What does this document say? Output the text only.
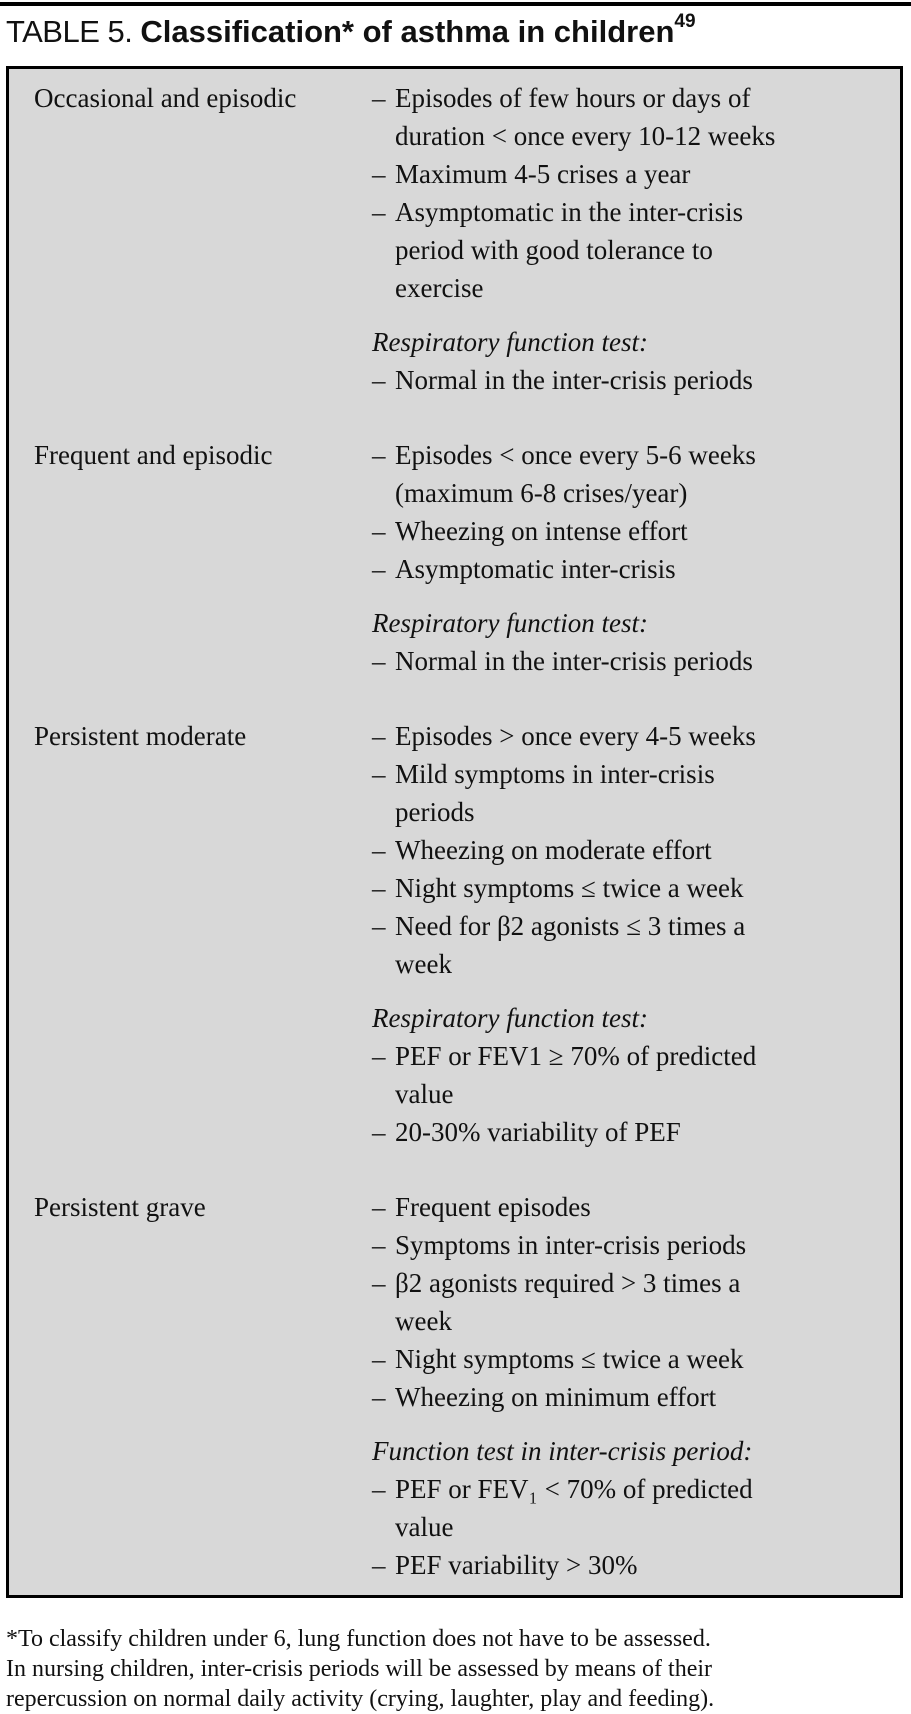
TABLE 5. Classification* of asthma in children$^{49}$
Occasional and episodic	– Episodes of few hours or days of
duration < once every 10-12 weeks
– Maximum 4-5 crises a year
– Asymptomatic in the inter-crisis
period with good tolerance to
exercise
Respiratory function test:
– Normal in the inter-crisis periods
Frequent and episodic	– Episodes < once every 5-6 weeks
(maximum 6-8 crises/year)
– Wheezing on intense effort
– Asymptomatic inter-crisis
Respiratory function test:
– Normal in the inter-crisis periods
Persistent moderate	– Episodes > once every 4-5 weeks
– Mild symptoms in inter-crisis
periods
– Wheezing on moderate effort
– Night symptoms ≤ twice a week
– Need for β2 agonists ≤ 3 times a
week
Respiratory function test:
– PEF or FEV1 ≥ 70% of predicted
value
– 20-30% variability of PEF
Persistent grave	– Frequent episodes
– Symptoms in inter-crisis periods
– β2 agonists required > 3 times a
week
– Night symptoms ≤ twice a week
– Wheezing on minimum effort
Function test in inter-crisis period:
– PEF or FEV₁ < 70% of predicted
value
– PEF variability > 30%
*To classify children under 6, lung function does not have to be assessed.
In nursing children, inter-crisis periods will be assessed by means of their
repercussion on normal daily activity (crying, laughter, play and feeding).
